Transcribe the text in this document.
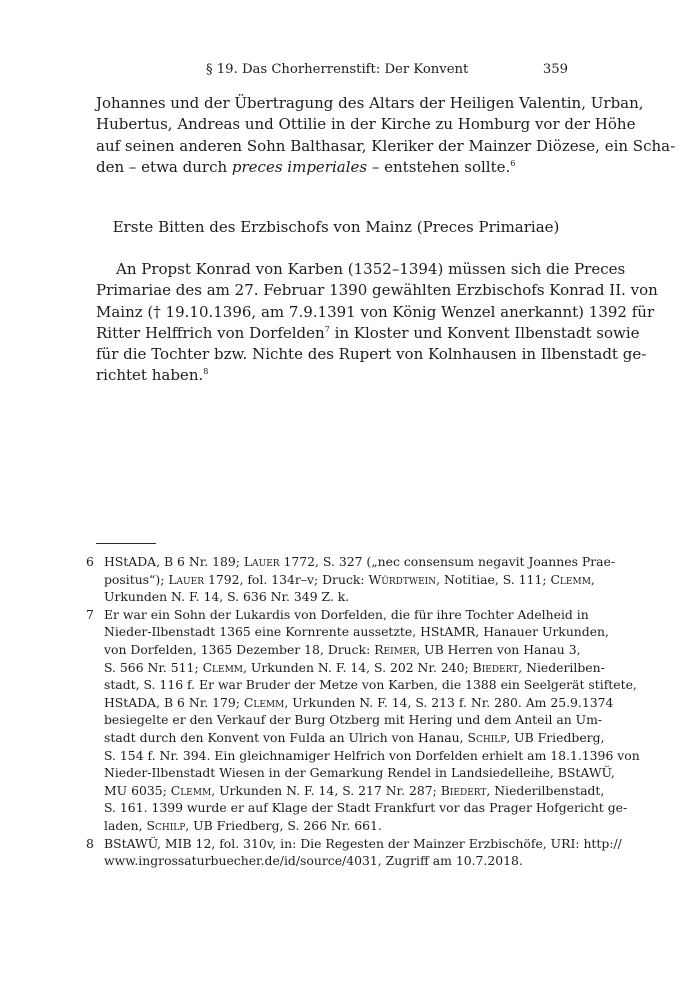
§ 19. Das Chorherrenstift: Der Konvent	359

Johannes und der Übertragung des Altars der Heiligen Valentin, Urban,
Hubertus, Andreas und Ottilie in der Kirche zu Homburg vor der Höhe
auf seinen anderen Sohn Balthasar, Kleriker der Mainzer Diözese, ein Scha-
den – etwa durch preces imperiales – entstehen sollte.$^6$

Erste Bitten des Erzbischofs von Mainz (Preces Primariae)

An Propst Konrad von Karben (1352–1394) müssen sich die Preces
Primariae des am 27. Februar 1390 gewählten Erzbischofs Konrad II. von
Mainz († 19.10.1396, am 7.9.1391 von König Wenzel anerkannt) 1392 für
Ritter Helffrich von Dorfelden$^7$ in Kloster und Konvent Ilbenstadt sowie
für die Tochter bzw. Nichte des Rupert von Kolnhausen in Ilbenstadt ge-
richtet haben.$^8$

6 HStADA, B 6 Nr. 189; Lauer 1772, S. 327 („nec consensum negavit Joannes Prae-
positus“); Lauer 1792, fol. 134r–v; Druck: Würdtwein, Notitiae, S. 111; Clemm,
Urkunden N. F. 14, S. 636 Nr. 349 Z. k.
7 Er war ein Sohn der Lukardis von Dorfelden, die für ihre Tochter Adelheid in
Nieder-Ilbenstadt 1365 eine Kornrente aussetzte, HStAMR, Hanauer Urkunden,
von Dorfelden, 1365 Dezember 18, Druck: Reimer, UB Herren von Hanau 3,
S. 566 Nr. 511; Clemm, Urkunden N. F. 14, S. 202 Nr. 240; Biedert, Niederilben-
stadt, S. 116 f. Er war Bruder der Metze von Karben, die 1388 ein Seelgerät stiftete,
HStADA, B 6 Nr. 179; Clemm, Urkunden N. F. 14, S. 213 f. Nr. 280. Am 25.9.1374
besiegelte er den Verkauf der Burg Otzberg mit Hering und dem Anteil an Um-
stadt durch den Konvent von Fulda an Ulrich von Hanau, Schilp, UB Friedberg,
S. 154 f. Nr. 394. Ein gleichnamiger Helfrich von Dorfelden erhielt am 18.1.1396 von
Nieder-Ilbenstadt Wiesen in der Gemarkung Rendel in Landsiedelleihe, BStAWÜ,
MU 6035; Clemm, Urkunden N. F. 14, S. 217 Nr. 287; Biedert, Niederilbenstadt,
S. 161. 1399 wurde er auf Klage der Stadt Frankfurt vor das Prager Hofgericht ge-
laden, Schilp, UB Friedberg, S. 266 Nr. 661.
8 BStAWÜ, MIB 12, fol. 310v, in: Die Regesten der Mainzer Erzbischöfe, URI: http://
www.ingrossaturbuecher.de/id/source/4031, Zugriff am 10.7.2018.
